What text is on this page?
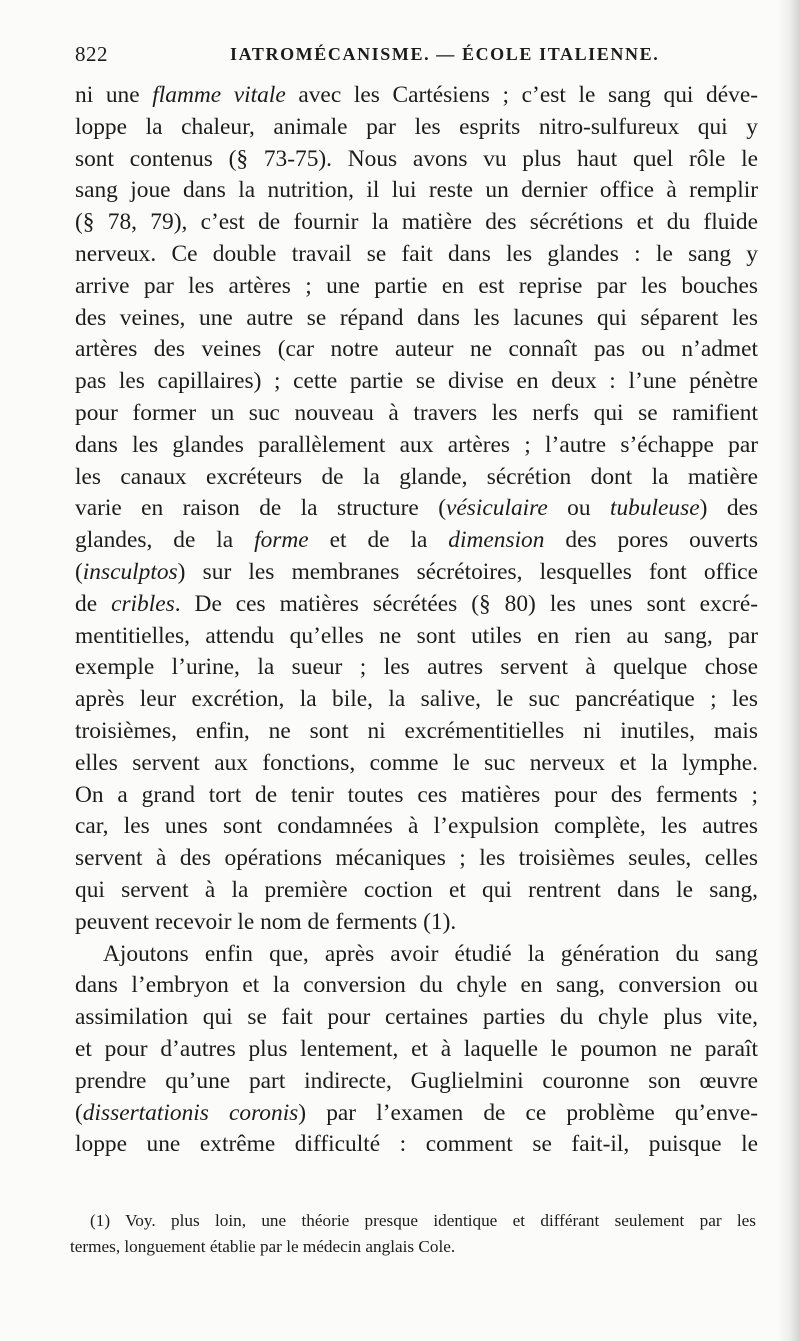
822	IATROMÉCANISME. — ÉCOLE ITALIENNE.
ni une flamme vitale avec les Cartésiens ; c’est le sang qui déve-
loppe la chaleur, animale par les esprits nitro-sulfureux qui y
sont contenus (§ 73-75). Nous avons vu plus haut quel rôle le
sang joue dans la nutrition, il lui reste un dernier office à remplir
(§ 78, 79), c’est de fournir la matière des sécrétions et du fluide
nerveux. Ce double travail se fait dans les glandes : le sang y
arrive par les artères ; une partie en est reprise par les bouches
des veines, une autre se répand dans les lacunes qui séparent les
artères des veines (car notre auteur ne connaît pas ou n’admet
pas les capillaires) ; cette partie se divise en deux : l’une pénètre
pour former un suc nouveau à travers les nerfs qui se ramifient
dans les glandes parallèlement aux artères ; l’autre s’échappe par
les canaux excréteurs de la glande, sécrétion dont la matière
varie en raison de la structure (vésiculaire ou tubuleuse) des
glandes, de la forme et de la dimension des pores ouverts
(insculptos) sur les membranes sécrétoires, lesquelles font office
de cribles. De ces matières sécrétées (§ 80) les unes sont excré-
mentitielles, attendu qu’elles ne sont utiles en rien au sang, par
exemple l’urine, la sueur ; les autres servent à quelque chose
après leur excrétion, la bile, la salive, le suc pancréatique ; les
troisièmes, enfin, ne sont ni excrémentitielles ni inutiles, mais
elles servent aux fonctions, comme le suc nerveux et la lymphe.
On a grand tort de tenir toutes ces matières pour des ferments ;
car, les unes sont condamnées à l’expulsion complète, les autres
servent à des opérations mécaniques ; les troisièmes seules, celles
qui servent à la première coction et qui rentrent dans le sang,
peuvent recevoir le nom de ferments (1).
Ajoutons enfin que, après avoir étudié la génération du sang
dans l’embryon et la conversion du chyle en sang, conversion ou
assimilation qui se fait pour certaines parties du chyle plus vite,
et pour d’autres plus lentement, et à laquelle le poumon ne paraît
prendre qu’une part indirecte, Guglielmini couronne son œuvre
(dissertationis coronis) par l’examen de ce problème qu’enve-
loppe une extrême difficulté : comment se fait-il, puisque le
(1) Voy. plus loin, une théorie presque identique et différant seulement par les
termes, longuement établie par le médecin anglais Cole.
